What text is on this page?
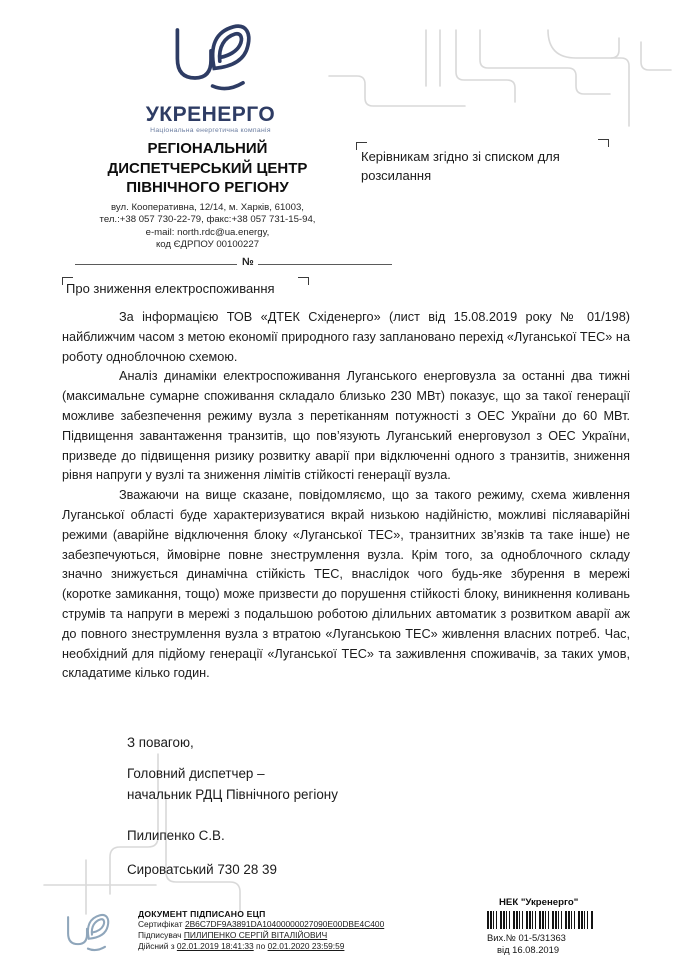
УКРЕНЕРГО
Національна енергетична компанія
РЕГІОНАЛЬНИЙ
ДИСПЕТЧЕРСЬКИЙ ЦЕНТР
ПІВНІЧНОГО РЕГІОНУ
вул. Кооперативна, 12/14, м. Харків, 61003,
тел.:+38 057 730-22-79, факс:+38 057 731-15-94,
e-mail: north.rdc@ua.energy,
код ЄДРПОУ 00100227
№
Керівникам згідно зі списком для розсилання
Про зниження електроспоживання

За інформацією ТОВ «ДТЕК Східенерго» (лист від 15.08.2019 року № 01/198) найближчим часом з метою економії природного газу заплановано перехід «Луганської ТЕС» на роботу одноблочною схемою.

Аналіз динаміки електроспоживання Луганського енерговузла за останні два тижні (максимальне сумарне споживання складало близько 230 МВт) показує, що за такої генерації можливе забезпечення режиму вузла з перетіканням потужності з ОЕС України до 60 МВт. Підвищення завантаження транзитів, що пов’язують Луганський енерговузол з ОЕС України, призведе до підвищення ризику розвитку аварії при відключенні одного з транзитів, зниження рівня напруги у вузлі та зниження лімітів стійкості генерації вузла.

Зважаючи на вище сказане, повідомляємо, що за такого режиму, схема живлення Луганської області буде характеризуватися вкрай низькою надійністю, можливі післяаварійні режими (аварійне відключення блоку «Луганської ТЕС», транзитних зв’язків та таке інше) не забезпечуються, ймовірне повне знеструмлення вузла. Крім того, за одноблочного складу значно знижується динамічна стійкість ТЕС, внаслідок чого будь-яке збурення в мережі (коротке замикання, тощо) може призвести до порушення стійкості блоку, виникнення коливань струмів та напруги в мережі з подальшою роботою ділильних автоматик з розвитком аварії аж до повного знеструмлення вузла з втратою «Луганською ТЕС» живлення власних потреб. Час, необхідний для підйому генерації «Луганської ТЕС» та заживлення споживачів, за таких умов, складатиме кілько годин.

З повагою,
Головний диспетчер –
начальник РДЦ Північного регіону
Пилипенко С.В.
Сироватський 730 28 39
ДОКУМЕНТ ПІДПИСАНО ЕЦП
Сертифікат 2B6C7DF9A3891DA10400000027090E00DBE4C400
Підписувач ПИЛИПЕНКО СЕРГІЙ ВІТАЛІЙОВИЧ
Дійсний з 02.01.2019 18:41:33 по 02.01.2020 23:59:59
НЕК "Укренерго"
Вих.№ 01-5/31363
від 16.08.2019
